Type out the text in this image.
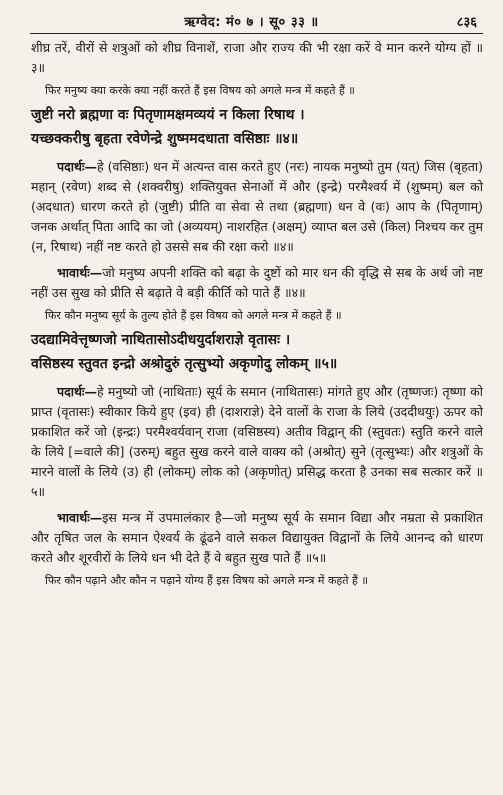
ऋग्वेद: मं० ७ । सू० ३३ ॥	८३६

शीघ्र तरें, वीरों से शत्रुओं को शीघ्र विनाशें, राजा और राज्य की भी रक्षा करें वे मान करने योग्य हों ॥३॥

फिर मनुष्य क्या करके क्या नहीं करते हैं इस विषय को अगले मन्त्र में कहते हैं ॥

जुष्टी नरो ब्रह्मणा वः पितृणामक्षमव्ययं न किला रिषाथ ।

यच्छक्करीषु बृहता रवेणेन्द्रे शुष्ममदधाता वसिष्ठाः ॥४॥

पदार्थः—हे (वसिष्ठाः) धन में अत्यन्त वास करते हुए (नरः) नायक मनुष्यो तुम (यत्) जिस (बृहता) महान् (रवेण) शब्द से (शक्वरीषु) शक्तियुक्त सेनाओं में और (इन्द्रे) परमैश्वर्य में (शुष्मम्) बल को (अदधात) धारण करते हो (जुष्टी) प्रीति वा सेवा से तथा (ब्रह्मणा) धन वे (वः) आप के (पितृणाम्) जनक अर्थात् पिता आदि का जो (अव्ययम्) नाशरहित (अक्षम्) व्याप्त बल उसे (किल) निश्चय कर तुम (न, रिषाथ) नहीं नष्ट करते हो उससे सब की रक्षा करो ॥४॥

भावार्थः—जो मनुष्य अपनी शक्ति को बढ़ा के दुष्टों को मार धन की वृद्धि से सब के अर्थ जो नष्ट नहीं उस सुख को प्रीति से बढ़ाते वे बड़ी कीर्ति को पाते हैं ॥४॥

फिर कौन मनुष्य सूर्य के तुल्य होते हैं इस विषय को अगले मन्त्र में कहते हैं ॥

उदद्यामिवेत्तृष्णजो नाथितासोऽदीधयुर्दाशराज्ञे वृतासः ।

वसिष्ठस्य स्तुवत इन्द्रो अश्रोदुरुं तृत्सुभ्यो अकृणोदु लोकम् ॥५॥

पदार्थः—हे मनुष्यो जो (नाथिताः) सूर्य के समान (नाथितासः) मांगते हुए और (तृष्णजः) तृष्णा को प्राप्त (वृतासः) स्वीकार किये हुए (इव) ही (दाशराज्ञे) देने वालों के राजा के लिये (उददीधयुः) ऊपर को प्रकाशित करें जो (इन्द्रः) परमैश्वर्यवान् राजा (वसिष्ठस्य) अतीव विद्वान् की (स्तुवतः) स्तुति करने वाले के लिये [=वाले की] (उरुम्) बहुत सुख करने वाले वाक्य को (अश्रोत्) सुने (तृत्सुभ्यः) और शत्रुओं के मारने वालों के लिये (उ) ही (लोकम्) लोक को (अकृणोत्) प्रसिद्ध करता है उनका सब सत्कार करें ॥५॥

भावार्थः—इस मन्त्र में उपमालंकार है—जो मनुष्य सूर्य के समान विद्या और नम्रता से प्रकाशित और तृषित जल के समान ऐश्वर्य के ढूंढने वाले सकल विद्यायुक्त विद्वानों के लिये आनन्द को धारण करते और शूरवीरों के लिये धन भी देते हैं वे बहुत सुख पाते हैं ॥५॥

फिर कौन पढ़ाने और कौन न पढ़ाने योग्य हैं इस विषय को अगले मन्त्र में कहते हैं ॥
